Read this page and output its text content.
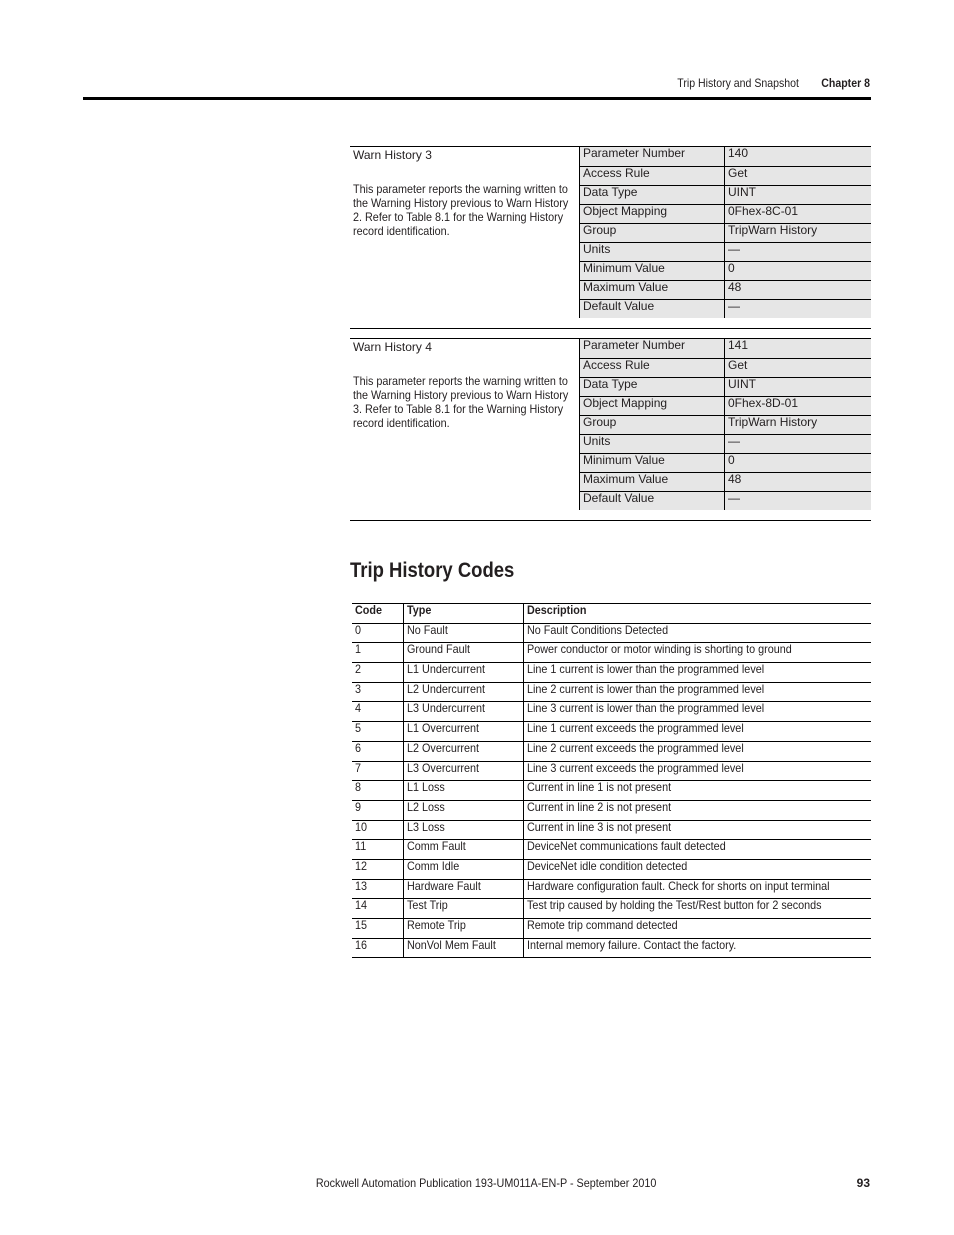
Trip History and Snapshot Chapter 8
Warn History 3
This parameter reports the warning written to the Warning History previous to Warn History 2. Refer to Table 8.1 for the Warning History record identification.
Parameter Number	140
Access Rule	Get
Data Type	UINT
Object Mapping	0Fhex-8C-01
Group	TripWarn History
Units	—
Minimum Value	0
Maximum Value	48
Default Value	—
Warn History 4
This parameter reports the warning written to the Warning History previous to Warn History 3. Refer to Table 8.1 for the Warning History record identification.
Parameter Number	141
Access Rule	Get
Data Type	UINT
Object Mapping	0Fhex-8D-01
Group	TripWarn History
Units	—
Minimum Value	0
Maximum Value	48
Default Value	—
Trip History Codes
Code	Type	Description
0	No Fault	No Fault Conditions Detected
1	Ground Fault	Power conductor or motor winding is shorting to ground
2	L1 Undercurrent	Line 1 current is lower than the programmed level
3	L2 Undercurrent	Line 2 current is lower than the programmed level
4	L3 Undercurrent	Line 3 current is lower than the programmed level
5	L1 Overcurrent	Line 1 current exceeds the programmed level
6	L2 Overcurrent	Line 2 current exceeds the programmed level
7	L3 Overcurrent	Line 3 current exceeds the programmed level
8	L1 Loss	Current in line 1 is not present
9	L2 Loss	Current in line 2 is not present
10	L3 Loss	Current in line 3 is not present
11	Comm Fault	DeviceNet communications fault detected
12	Comm Idle	DeviceNet idle condition detected
13	Hardware Fault	Hardware configuration fault. Check for shorts on input terminal
14	Test Trip	Test trip caused by holding the Test/Rest button for 2 seconds
15	Remote Trip	Remote trip command detected
16	NonVol Mem Fault	Internal memory failure. Contact the factory.
Rockwell Automation Publication 193-UM011A-EN-P - September 2010	93
